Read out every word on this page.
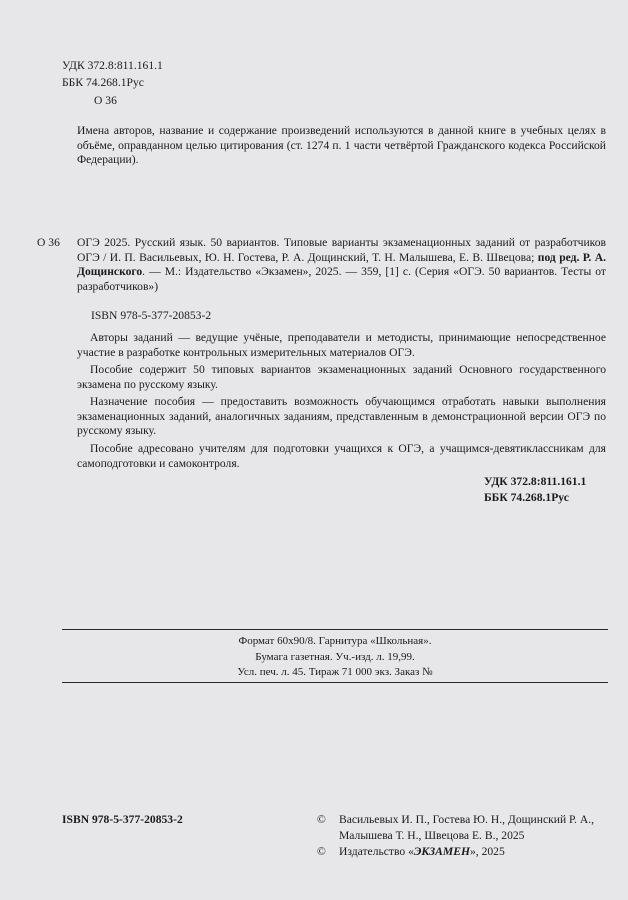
УДК 372.8:811.161.1

ББК 74.268.1Рус

О 36

Имена авторов, название и содержание произведений используются в данной книге в учебных целях в объёме, оправданном целью цитирования (ст. 1274 п. 1 части четвёртой Гражданского кодекса Российской Федерации).

О 36 ОГЭ 2025. Русский язык. 50 вариантов. Типовые варианты экзаменационных заданий от разработчиков ОГЭ / И. П. Васильевых, Ю. Н. Гостева, Р. А. Дощинский, Т. Н. Малышева, Е. В. Швецова; под ред. Р. А. Дощинского. — М.: Издательство «Экзамен», 2025. — 359, [1] с. (Серия «ОГЭ. 50 вариантов. Тесты от разработчиков»)

ISBN 978-5-377-20853-2

Авторы заданий — ведущие учёные, преподаватели и методисты, принимающие непосредственное участие в разработке контрольных измерительных материалов ОГЭ.

Пособие содержит 50 типовых вариантов экзаменационных заданий Основного государственного экзамена по русскому языку.

Назначение пособия — предоставить возможность обучающимся отработать навыки выполнения экзаменационных заданий, аналогичных заданиям, представленным в демонстрационной версии ОГЭ по русскому языку.

Пособие адресовано учителям для подготовки учащихся к ОГЭ, а учащимся-девятиклассникам для самоподготовки и самоконтроля.

УДК 372.8:811.161.1

ББК 74.268.1Рус

Формат 60х90/8. Гарнитура «Школьная».

Бумага газетная. Уч.-изд. л. 19,99.

Усл. печ. л. 45. Тираж 71 000 экз. Заказ №

ISBN 978-5-377-20853-2	© Васильевых И. П., Гостева Ю. Н., Дощинский Р. А.,

Малышева Т. Н., Швецова Е. В., 2025

© Издательство «ЭКЗАМЕН», 2025
